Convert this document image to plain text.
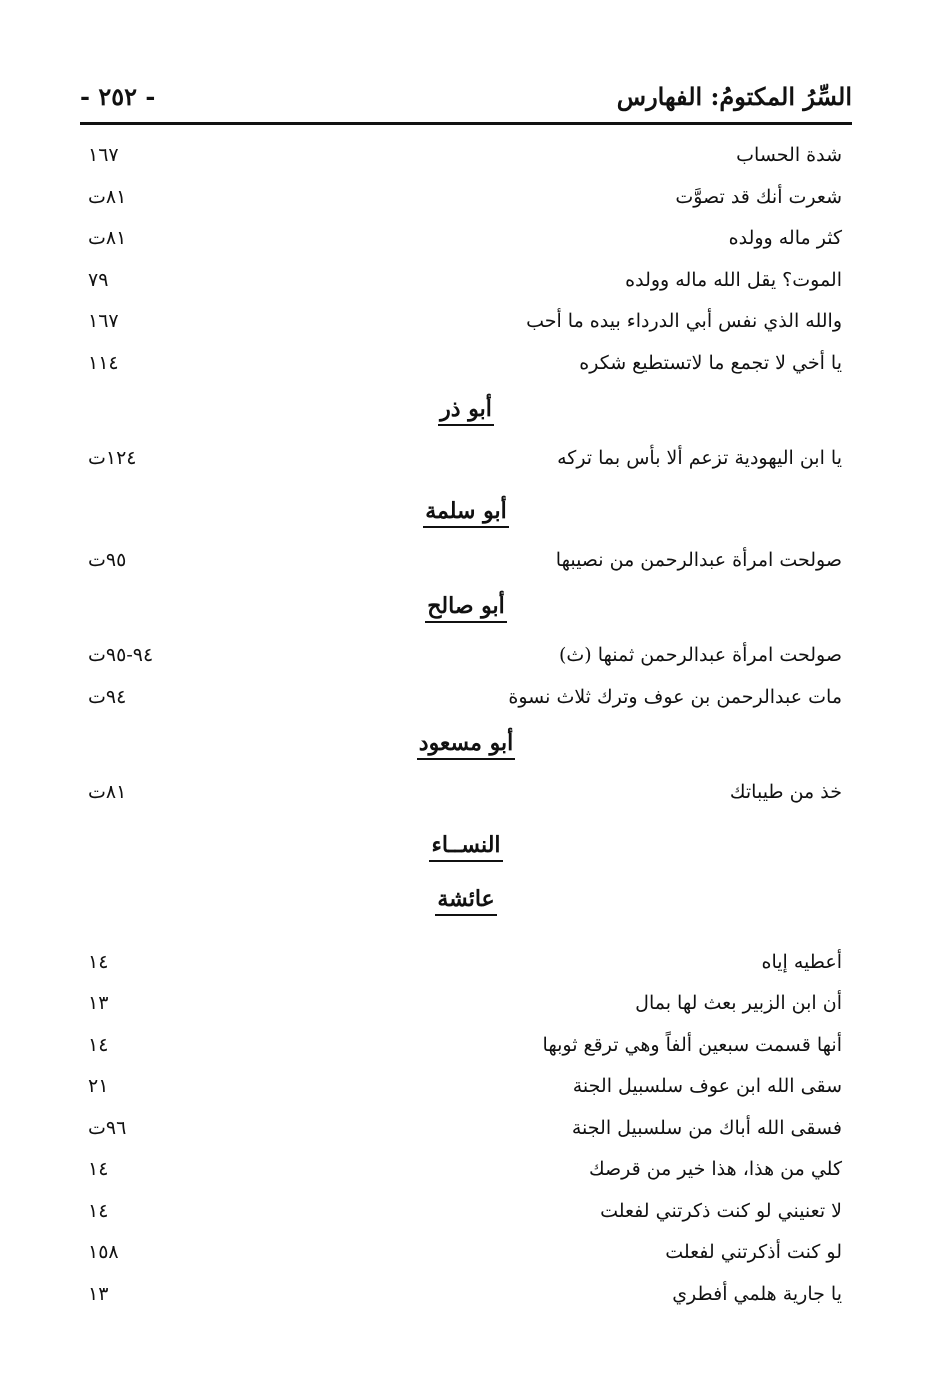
- ٢٥٢ -	السِّرُ المكتومُ: الفهارس
شدة الحساب
١٦٧
شعرت أنك قد تصوَّت
٨١ت
كثر ماله وولده
٨١ت
الموت؟ يقل الله ماله وولده
٧٩
والله الذي نفس أبي الدرداء بيده ما أحب
١٦٧
يا أخي لا تجمع ما لاتستطيع شكره
١١٤
أبو ذر
يا ابن اليهودية تزعم ألا بأس بما تركه
١٢٤ت
أبو سلمة
صولحت امرأة عبدالرحمن من نصيبها
٩٥ت
أبو صالح
صولحت امرأة عبدالرحمن ثمنها (ث)
٩٤-٩٥ت
مات عبدالرحمن بن عوف وترك ثلاث نسوة
٩٤ت
أبو مسعود
خذ من طيباتك
٨١ت
النســاء
عائشة
أعطيه إياه
١٤
أن ابن الزبير بعث لها بمال
١٣
أنها قسمت سبعين ألفاً وهي ترقع ثوبها
١٤
سقى الله ابن عوف سلسبيل الجنة
٢١
فسقى الله أباك من سلسبيل الجنة
٩٦ت
كلي من هذا، هذا خير من قرصك
١٤
لا تعنيني لو كنت ذكرتني لفعلت
١٤
لو كنت أذكرتني لفعلت
١٥٨
يا جارية هلمي أفطري
١٣
